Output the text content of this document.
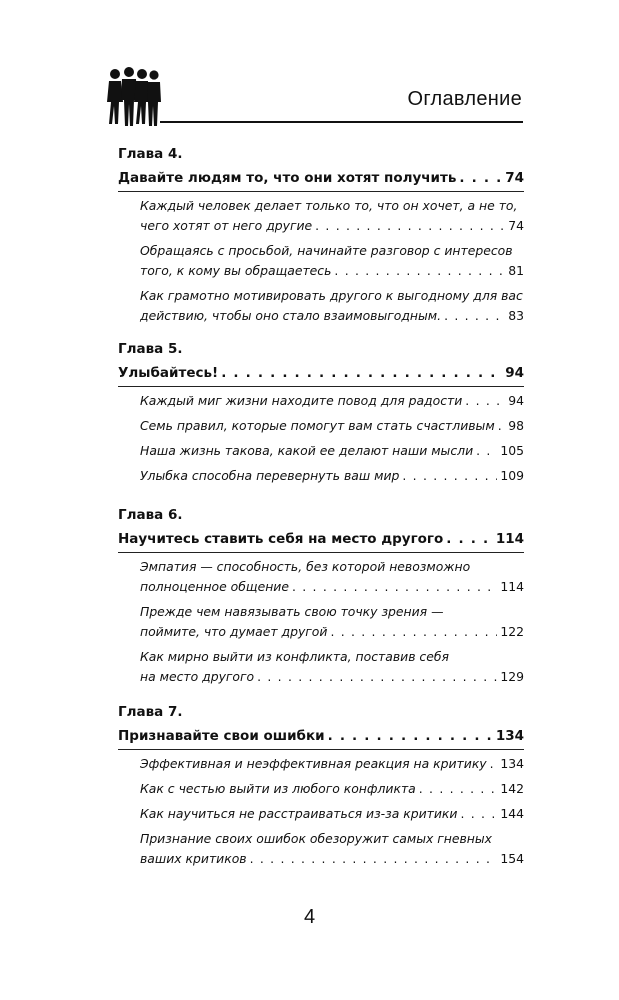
Оглавление
Глава 4.
Давайте людям то, что они хотят получить . . .	74
Каждый человек делает только то, что он хочет, а не то,
чего хотят от него другие . . .	74
Обращаясь с просьбой, начинайте разговор с интересов
того, к кому вы обращаетесь . . .	81
Как грамотно мотивировать другого к выгодному для вас
действию, чтобы оно стало взаимовыгодным. . . .	83
Глава 5.
Улыбайтесь! . . .	94
Каждый миг жизни находите повод для радости . . .	94
Семь правил, которые помогут вам стать счастливым . . . 98
Наша жизнь такова, какой ее делают наши мысли . . . 105
Улыбка способна перевернуть ваш мир . . .	109
Глава 6.
Научитесь ставить себя на место другого . . .	114
Эмпатия — способность, без которой невозможно
полноценное общение . . .	114
Прежде чем навязывать свою точку зрения —
поймите, что думает другой . . .	122
Как мирно выйти из конфликта, поставив себя
на место другого . . .	129
Глава 7.
Признавайте свои ошибки . . .	134
Эффективная и неэффективная реакция на критику . . . 134
Как с честью выйти из любого конфликта . . .	142
Как научиться не расстраиваться из-за критики . . .	144
Признание своих ошибок обезоружит самых гневных
ваших критиков . . .	154
4
